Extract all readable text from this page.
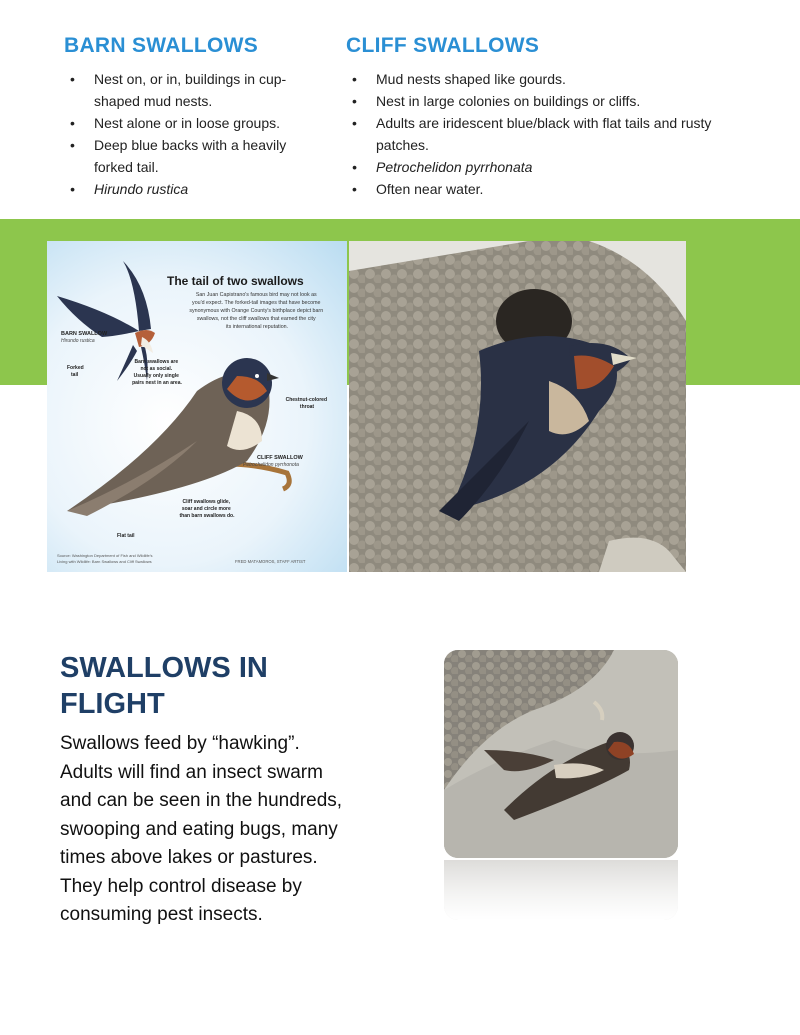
BARN SWALLOWS
• Nest on, or in, buildings in cup-shaped mud nests.
• Nest alone or in loose groups.
• Deep blue backs with a heavily forked tail.
• Hirundo rustica
CLIFF SWALLOWS
• Mud nests shaped like gourds.
• Nest in large colonies on buildings or cliffs.
• Adults are iridescent blue/black with flat tails and rusty patches.
• Petrochelidon pyrrhonata
• Often near water.
The tail of two swallows
San Juan Capistrano's famous bird may not look as you'd expect. The forked-tail images that have become synonymous with Orange County's birthplace depict barn swallows, not the cliff swallows that earned the city its international reputation.
BARN SWALLOW
Hirundo rustica
Forked tail
Barn swallows are not as social. Usually only single pairs nest in an area.
Chestnut-colored throat
CLIFF SWALLOW
Petrochelidon pyrrhonota
Cliff swallows glide, soar and circle more than barn swallows do.
Flat tail
Source: Washington Department of Fish and Wildlife's Living with Wildlife: Barn Swallows and Cliff Swallows	FRED MATAMOROS, STAFF ARTIST
SWALLOWS IN
FLIGHT

Swallows feed by “hawking”.
Adults will find an insect swarm
and can be seen in the hundreds,
swooping and eating bugs, many
times above lakes or pastures.
They help control disease by
consuming pest insects.
